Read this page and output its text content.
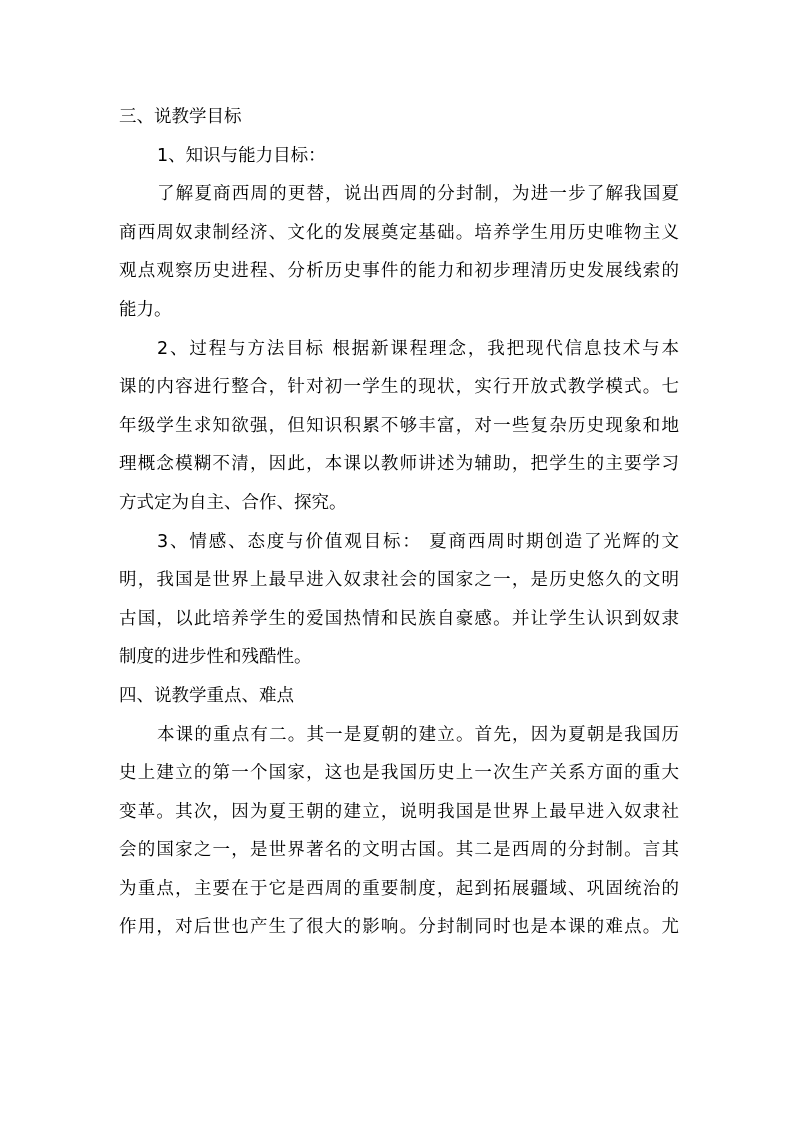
三、说教学目标
1、知识与能力目标：
了解夏商西周的更替，说出西周的分封制，为进一步了解我国夏
商西周奴隶制经济、文化的发展奠定基础。培养学生用历史唯物主义
观点观察历史进程、分析历史事件的能力和初步理清历史发展线索的
能力。
2、过程与方法目标 根据新课程理念，我把现代信息技术与本
课的内容进行整合，针对初一学生的现状，实行开放式教学模式。七
年级学生求知欲强，但知识积累不够丰富，对一些复杂历史现象和地
理概念模糊不清，因此，本课以教师讲述为辅助，把学生的主要学习
方式定为自主、合作、探究。
3、情感、态度与价值观目标： 夏商西周时期创造了光辉的文
明，我国是世界上最早进入奴隶社会的国家之一，是历史悠久的文明
古国，以此培养学生的爱国热情和民族自豪感。并让学生认识到奴隶
制度的进步性和残酷性。
四、说教学重点、难点
本课的重点有二。其一是夏朝的建立。首先，因为夏朝是我国历
史上建立的第一个国家，这也是我国历史上一次生产关系方面的重大
变革。其次，因为夏王朝的建立，说明我国是世界上最早进入奴隶社
会的国家之一，是世界著名的文明古国。其二是西周的分封制。言其
为重点，主要在于它是西周的重要制度，起到拓展疆域、巩固统治的
作用，对后世也产生了很大的影响。分封制同时也是本课的难点。尤
